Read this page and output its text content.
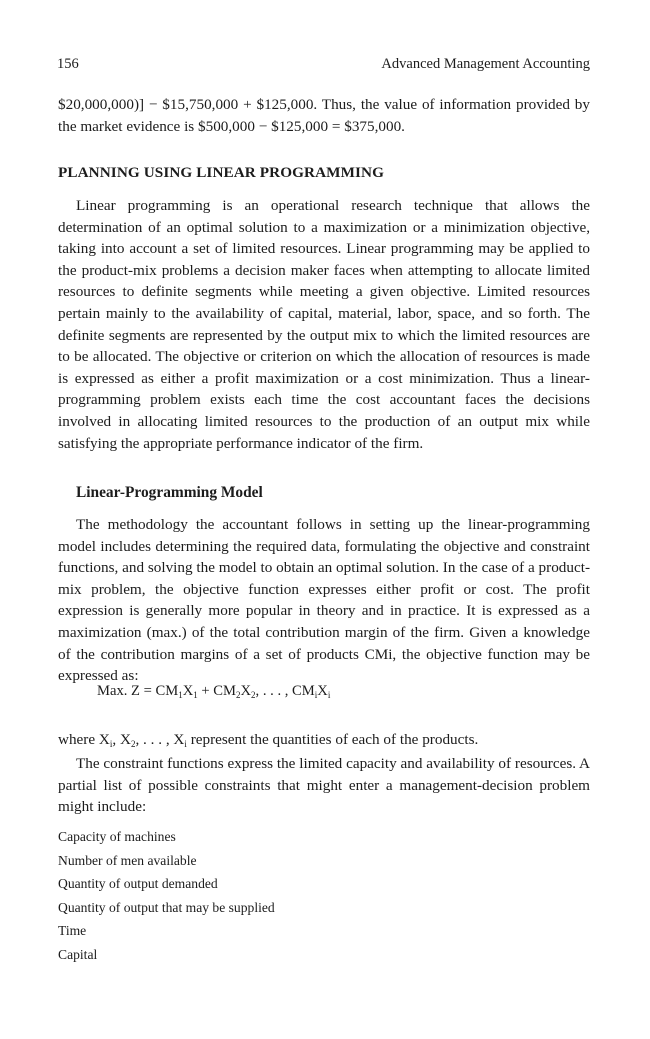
156	Advanced Management Accounting

$20,000,000)] − $15,750,000 + $125,000. Thus, the value of information provided by the market evidence is $500,000 − $125,000 = $375,000.

PLANNING USING LINEAR PROGRAMMING

Linear programming is an operational research technique that allows the determination of an optimal solution to a maximization or a minimization objective, taking into account a set of limited resources. Linear programming may be applied to the product-mix problems a decision maker faces when attempting to allocate limited resources to definite segments while meeting a given objective. Limited resources pertain mainly to the availability of capital, material, labor, space, and so forth. The definite segments are represented by the output mix to which the limited resources are to be allocated. The objective or criterion on which the allocation of resources is made is expressed as either a profit maximization or a cost minimization. Thus a linear-programming problem exists each time the cost accountant faces the decisions involved in allocating limited resources to the production of an output mix while satisfying the appropriate performance indicator of the firm.

Linear-Programming Model

The methodology the accountant follows in setting up the linear-programming model includes determining the required data, formulating the objective and constraint functions, and solving the model to obtain an optimal solution. In the case of a product-mix problem, the objective function expresses either profit or cost. The profit expression is generally more popular in theory and in practice. It is expressed as a maximization (max.) of the total contribution margin of the firm. Given a knowledge of the contribution margins of a set of products CMi, the objective function may be expressed as:

Max. $Z = CM_1X_1 + CM_2X_2$, . . . , $CM_iX_i$
where $X_i$, $X_2$, . . . , $X_i$ represent the quantities of each of the products.

The constraint functions express the limited capacity and availability of resources. A partial list of possible constraints that might enter a management-decision problem might include:

Capacity of machines
Number of men available
Quantity of output demanded
Quantity of output that may be supplied
Time
Capital
